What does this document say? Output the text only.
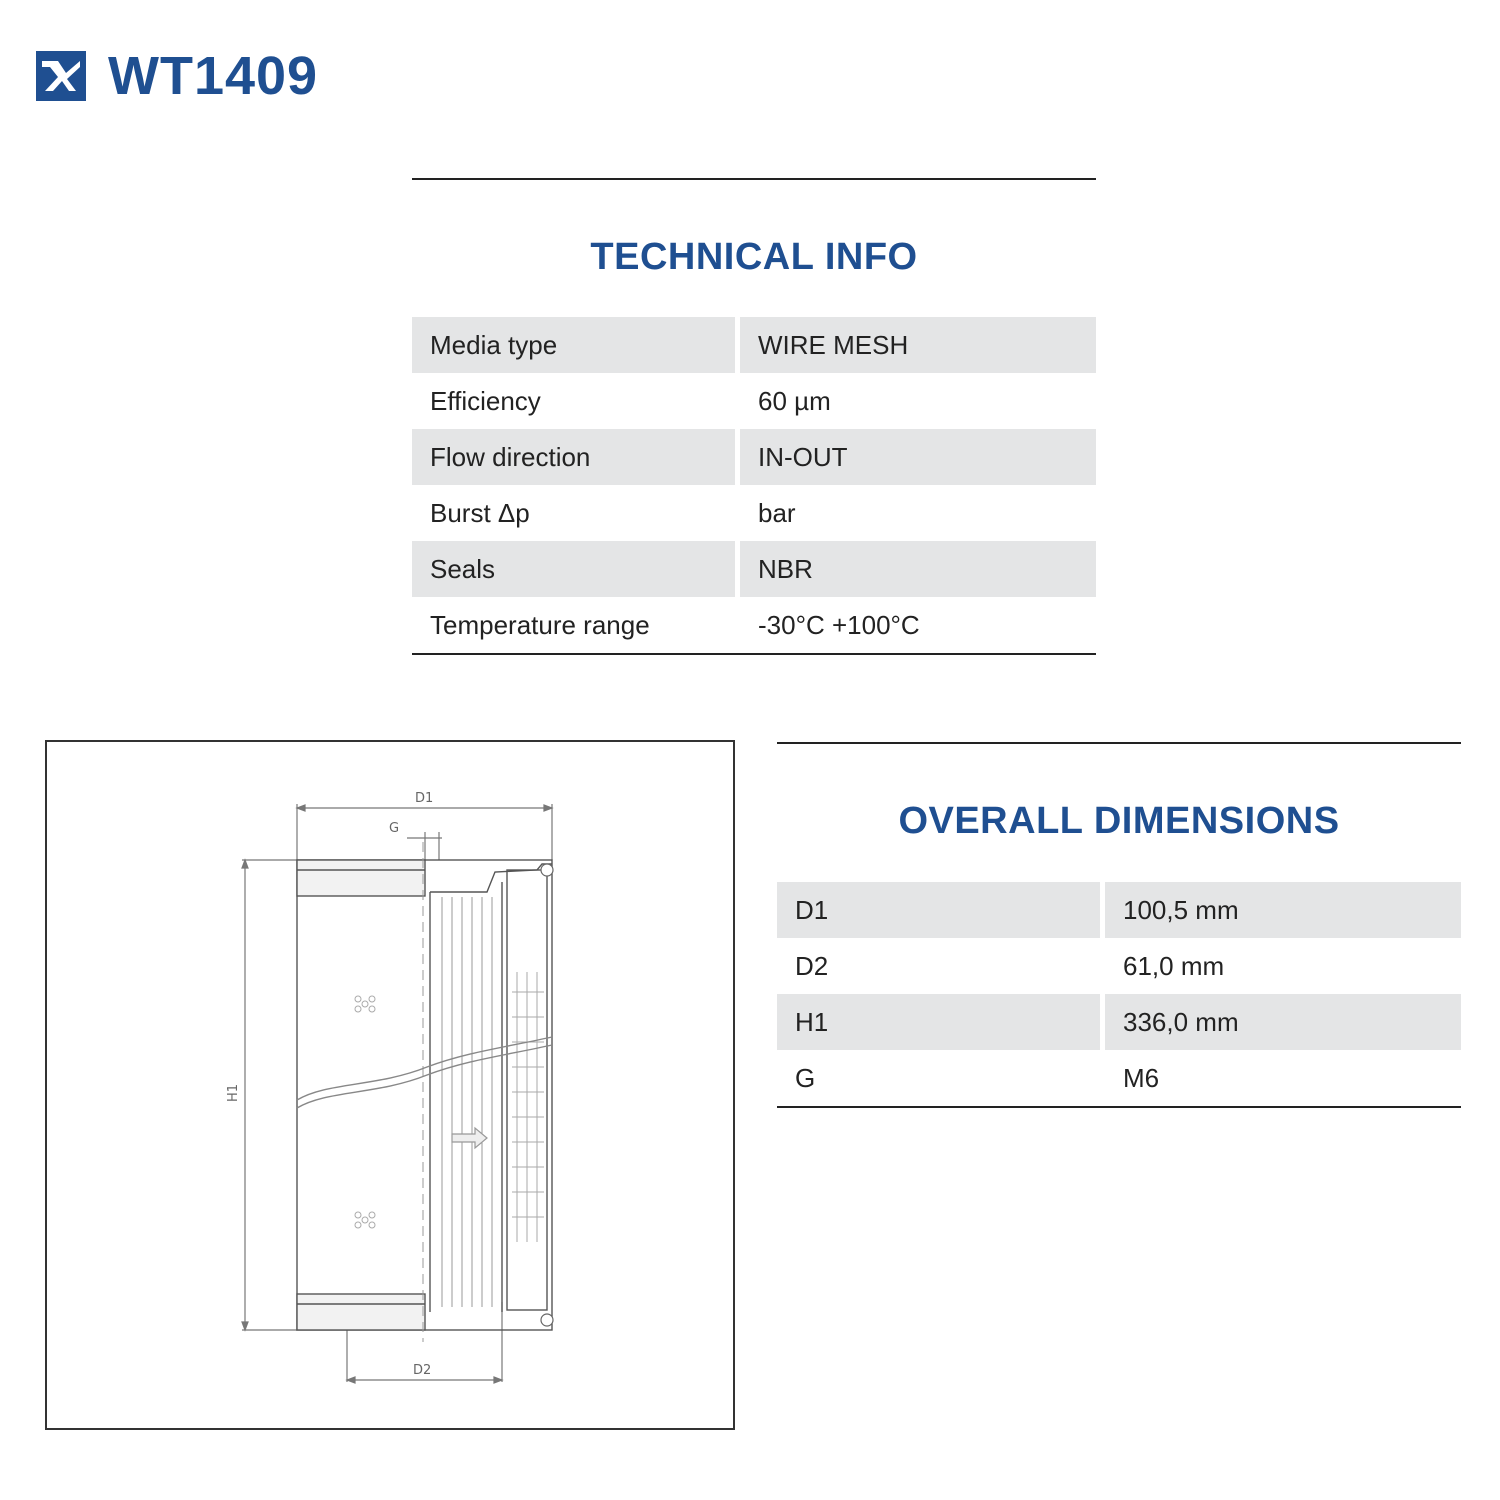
WT1409
TECHNICAL INFO
Media type	WIRE MESH
Efficiency	60 µm
Flow direction	IN-OUT
Burst Δp	bar
Seals	NBR
Temperature range	-30°C +100°C
D1
G
H1
D2
OVERALL DIMENSIONS
D1	100,5 mm
D2	61,0 mm
H1	336,0 mm
G	M6
